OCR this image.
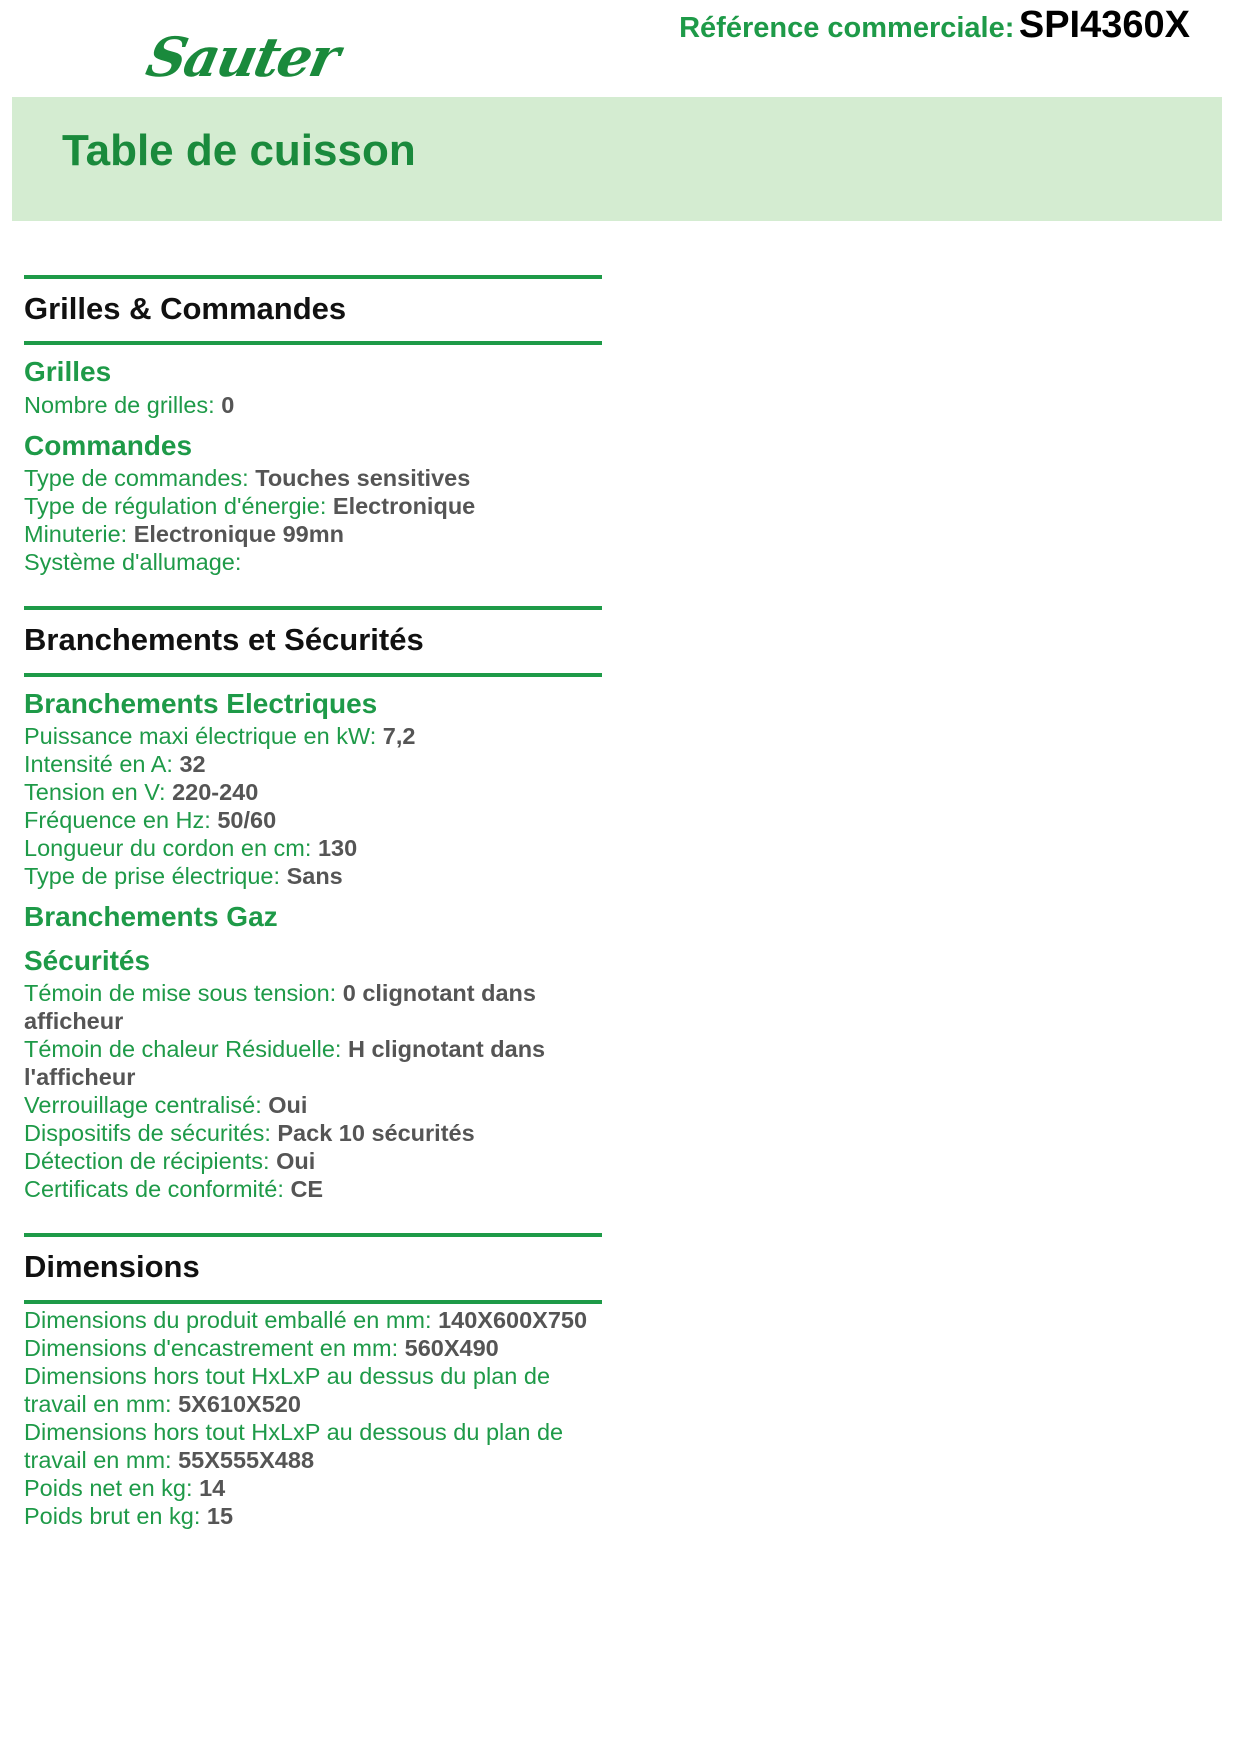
Sauter	Référence commerciale: SPI4360X
Table de cuisson
Grilles & Commandes
Grilles

Nombre de grilles: 0

Commandes

Type de commandes: Touches sensitives

Type de régulation d'énergie: Electronique

Minuterie: Electronique 99mn

Système d'allumage:

Branchements et Sécurités
Branchements Electriques

Puissance maxi électrique en kW: 7,2

Intensité en A: 32

Tension en V: 220-240

Fréquence en Hz: 50/60

Longueur du cordon en cm: 130

Type de prise électrique: Sans

Branchements Gaz
Sécurités

Témoin de mise sous tension: 0 clignotant dans afficheur

Témoin de chaleur Résiduelle: H clignotant dans l'afficheur

Verrouillage centralisé: Oui

Dispositifs de sécurités: Pack 10 sécurités

Détection de récipients: Oui

Certificats de conformité: CE

Dimensions

Dimensions du produit emballé en mm: 140X600X750

Dimensions d'encastrement en mm: 560X490

Dimensions hors tout HxLxP au dessus du plan de travail en mm: 5X610X520

Dimensions hors tout HxLxP au dessous du plan de travail en mm: 55X555X488

Poids net en kg: 14

Poids brut en kg: 15
